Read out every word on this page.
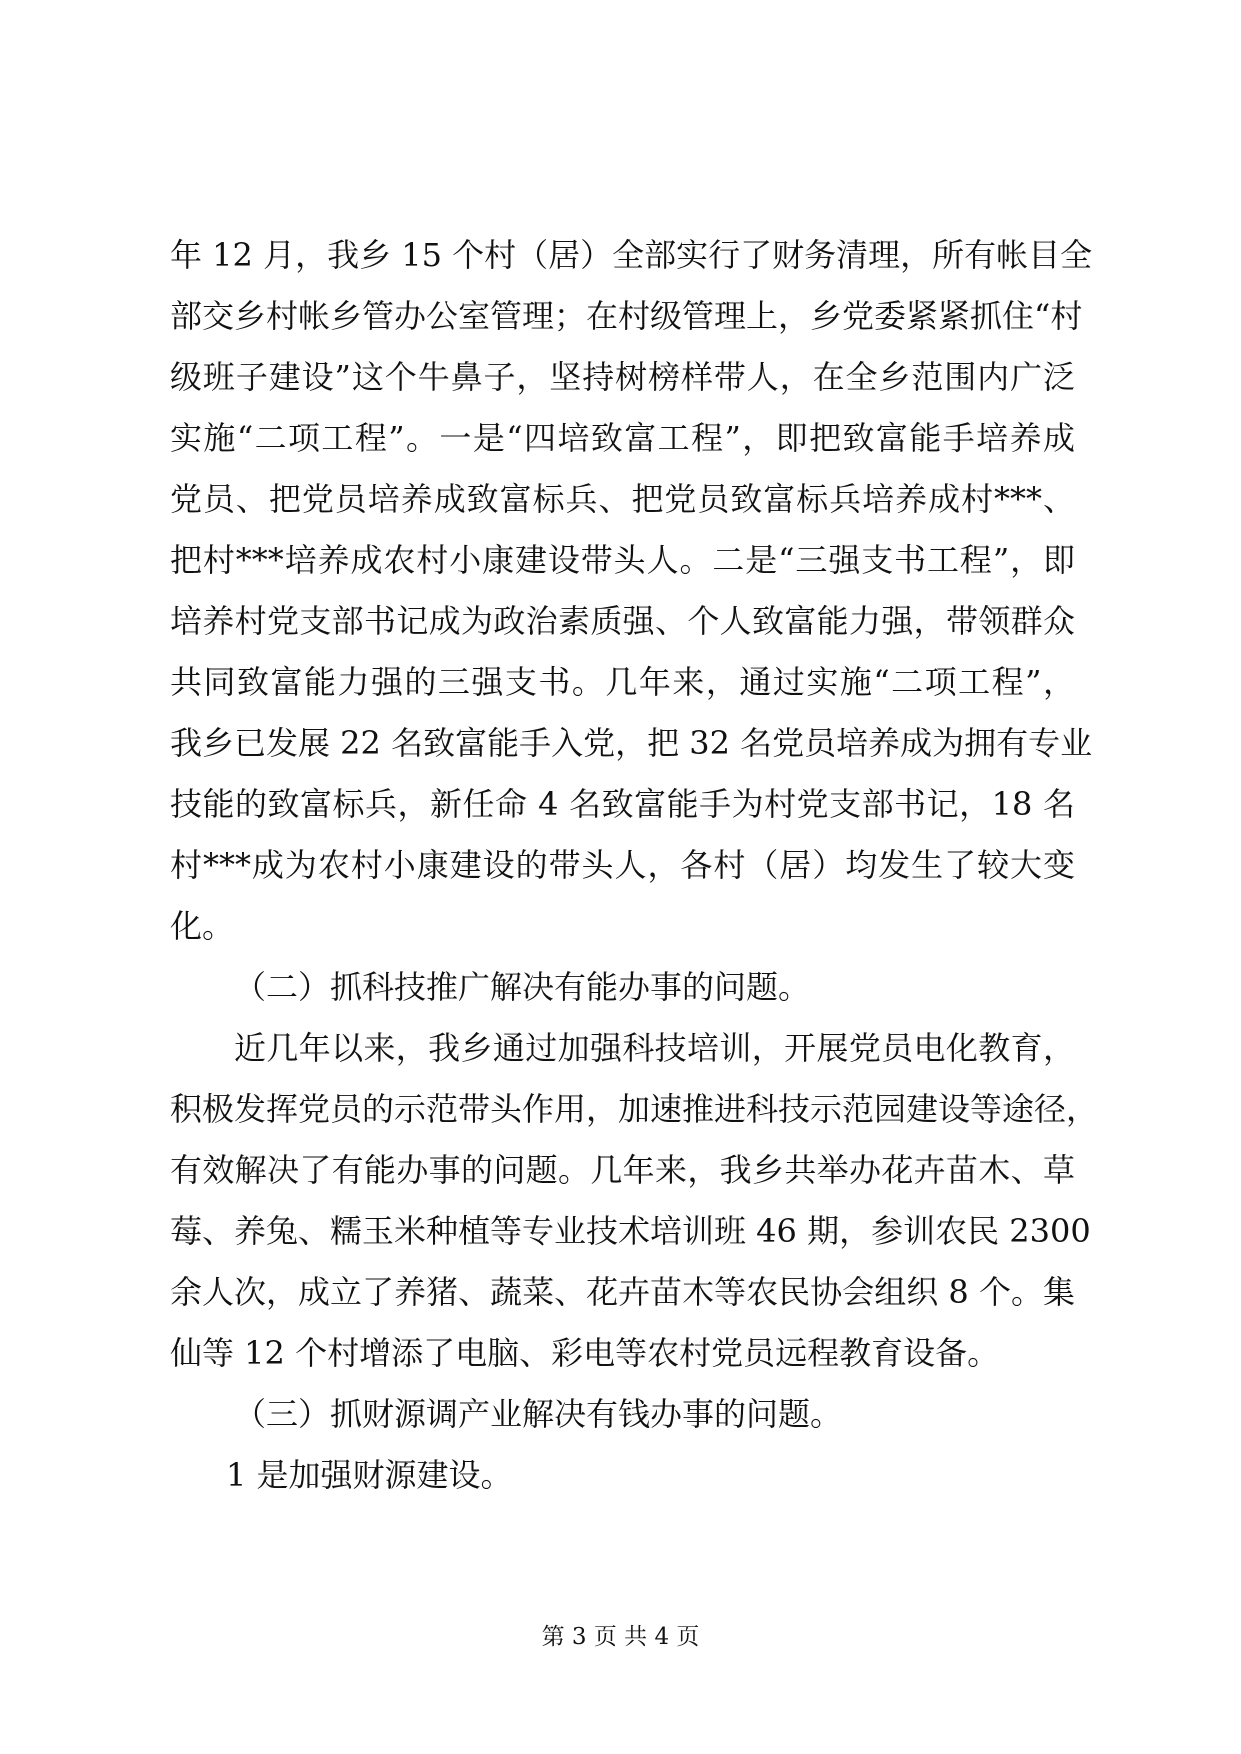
年 12 月，我乡 15 个村（居）全部实行了财务清理，所有帐目全
部交乡村帐乡管办公室管理；在村级管理上，乡党委紧紧抓住“村
级班子建设”这个牛鼻子，坚持树榜样带人，在全乡范围内广泛
实施“二项工程”。一是“四培致富工程”，即把致富能手培养成
党员、把党员培养成致富标兵、把党员致富标兵培养成村***、
把村***培养成农村小康建设带头人。二是“三强支书工程”，即
培养村党支部书记成为政治素质强、个人致富能力强，带领群众
共同致富能力强的三强支书。几年来，通过实施“二项工程”，
我乡已发展 22 名致富能手入党，把 32 名党员培养成为拥有专业
技能的致富标兵，新任命 4 名致富能手为村党支部书记，18 名
村***成为农村小康建设的带头人，各村（居）均发生了较大变
化。
（二）抓科技推广解决有能办事的问题。
近几年以来，我乡通过加强科技培训，开展党员电化教育，
积极发挥党员的示范带头作用，加速推进科技示范园建设等途径，
有效解决了有能办事的问题。几年来，我乡共举办花卉苗木、草
莓、养兔、糯玉米种植等专业技术培训班 46 期，参训农民 2300
余人次，成立了养猪、蔬菜、花卉苗木等农民协会组织 8 个。集
仙等 12 个村增添了电脑、彩电等农村党员远程教育设备。
（三）抓财源调产业解决有钱办事的问题。
1 是加强财源建设。
第 3 页 共 4 页
